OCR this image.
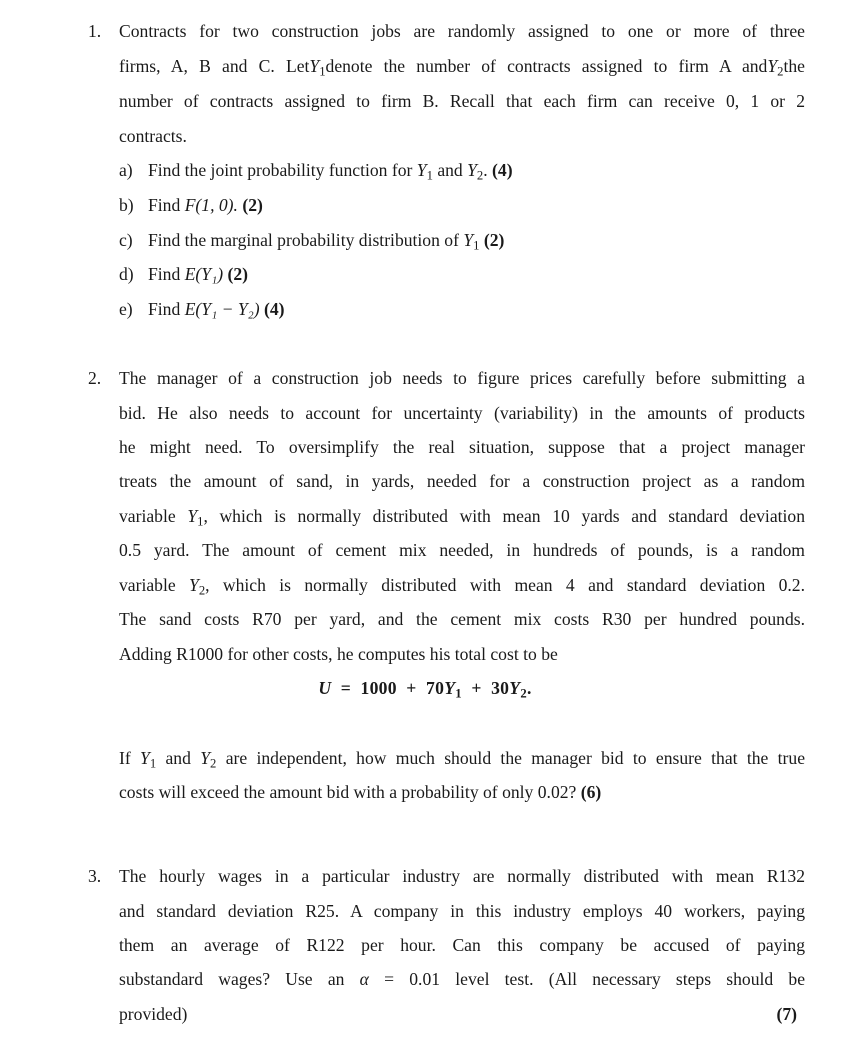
1. Contracts for two construction jobs are randomly assigned to one or more of three
firms, A, B and C. LetY$_1$denote the number of contracts assigned to firm A andY$_2$the
number of contracts assigned to firm B. Recall that each firm can receive 0, 1 or 2
contracts.
a) Find the joint probability function for $Y_1$ and $Y_2$. (4)
b) Find F(1, 0). (2)
c) Find the marginal probability distribution of $Y_1$ (2)
d) Find E(Y₁) (2)
e) Find E(Y₁ − Y₂) (4)
2. The manager of a construction job needs to figure prices carefully before submitting a
bid. He also needs to account for uncertainty (variability) in the amounts of products
he might need. To oversimplify the real situation, suppose that a project manager
treats the amount of sand, in yards, needed for a construction project as a random
variable $Y_1$, which is normally distributed with mean 10 yards and standard deviation
0.5 yard. The amount of cement mix needed, in hundreds of pounds, is a random
variable $Y_2$, which is normally distributed with mean 4 and standard deviation 0.2.
The sand costs R70 per yard, and the cement mix costs R30 per hundred pounds.
Adding R1000 for other costs, he computes his total cost to be
$U = 1000 + 70Y_1 + 30Y_2$.
If $Y_1$ and $Y_2$ are independent, how much should the manager bid to ensure that the true
costs will exceed the amount bid with a probability of only 0.02? (6)
3. The hourly wages in a particular industry are normally distributed with mean R132
and standard deviation R25. A company in this industry employs 40 workers, paying
them an average of R122 per hour. Can this company be accused of paying
substandard wages? Use an α = 0.01 level test. (All necessary steps should be
provided)	(7)
